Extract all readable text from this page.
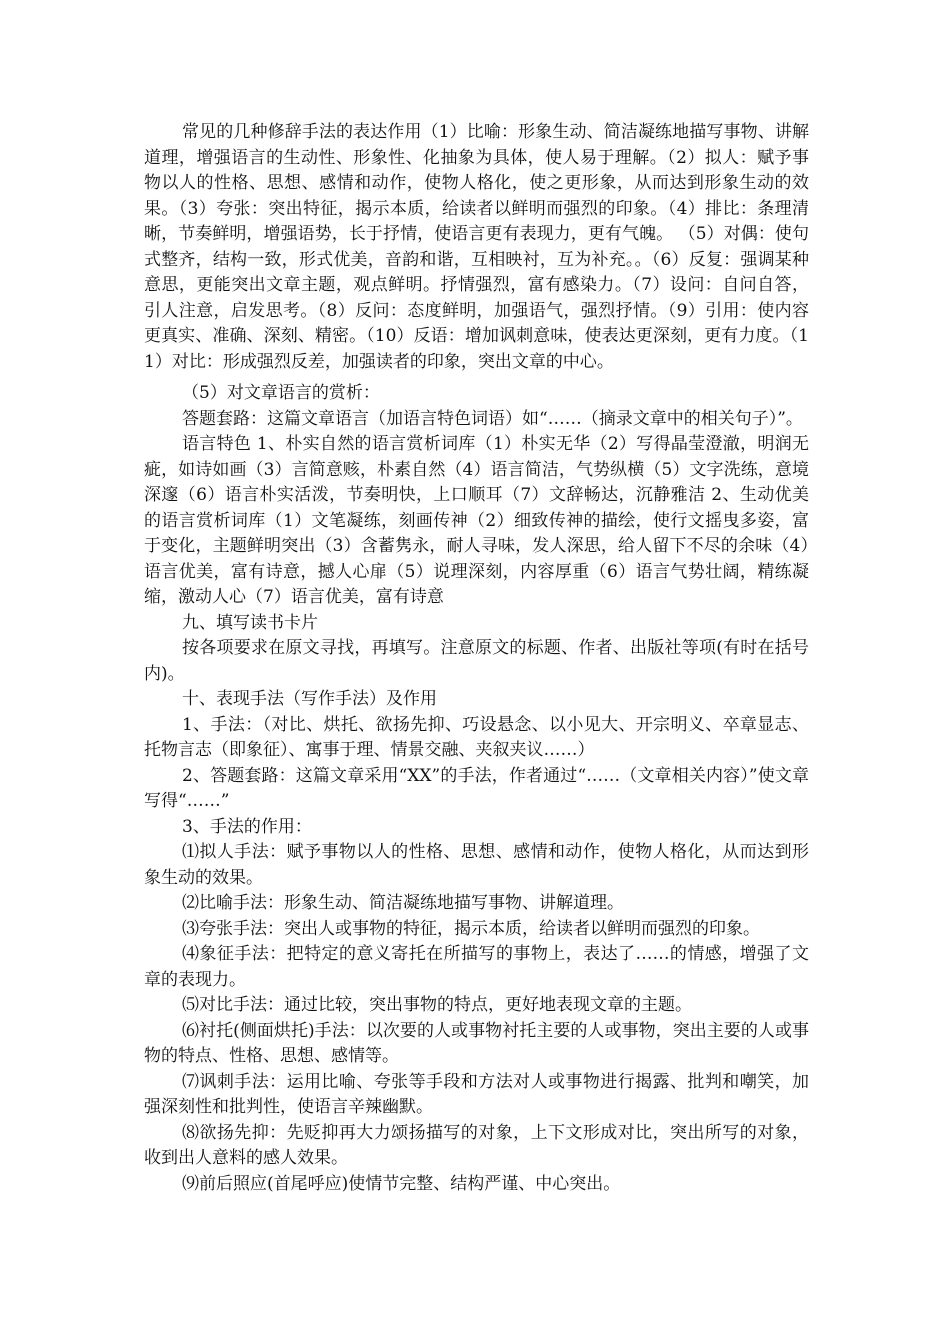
常见的几种修辞手法的表达作用（1）比喻：形象生动、简洁凝练地描写事物、讲解道理，增强语言的生动性、形象性、化抽象为具体，使人易于理解。（2）拟人：赋予事物以人的性格、思想、感情和动作，使物人格化，使之更形象，从而达到形象生动的效果。（3）夸张：突出特征，揭示本质，给读者以鲜明而强烈的印象。（4）排比：条理清晰，节奏鲜明，增强语势，长于抒情，使语言更有表现力，更有气魄。 （5）对偶：使句式整齐，结构一致，形式优美，音韵和谐，互相映衬，互为补充。。（6）反复：强调某种意思，更能突出文章主题，观点鲜明。抒情强烈，富有感染力。（7）设问：自问自答，引人注意，启发思考。（8）反问：态度鲜明，加强语气，强烈抒情。（9）引用：使内容更真实、准确、深刻、精密。（10）反语：增加讽刺意味，使表达更深刻，更有力度。（11）对比：形成强烈反差，加强读者的印象，突出文章的中心。

（5）对文章语言的赏析：

答题套路：这篇文章语言（加语言特色词语）如“……（摘录文章中的相关句子）”。

语言特色 1、朴实自然的语言赏析词库（1）朴实无华（2）写得晶莹澄澈，明润无疵，如诗如画（3）言简意赅，朴素自然（4）语言简洁，气势纵横（5）文字洗练，意境深邃（6）语言朴实活泼，节奏明快，上口顺耳（7）文辞畅达，沉静雅洁 2、生动优美的语言赏析词库（1）文笔凝练，刻画传神（2）细致传神的描绘，使行文摇曳多姿，富于变化，主题鲜明突出（3）含蓄隽永，耐人寻味，发人深思，给人留下不尽的余味（4）语言优美，富有诗意，撼人心扉（5）说理深刻，内容厚重（6）语言气势壮阔，精练凝缩，激动人心（7）语言优美，富有诗意

九、填写读书卡片

按各项要求在原文寻找，再填写。注意原文的标题、作者、出版社等项(有时在括号内)。

十、表现手法（写作手法）及作用

1、手法：（对比、烘托、欲扬先抑、巧设悬念、以小见大、开宗明义、卒章显志、托物言志（即象征）、寓事于理、情景交融、夹叙夹议……）

2、答题套路：这篇文章采用“XX”的手法，作者通过“……（文章相关内容）”使文章写得“……”

3、手法的作用：

⑴拟人手法：赋予事物以人的性格、思想、感情和动作，使物人格化，从而达到形象生动的效果。

⑵比喻手法：形象生动、简洁凝练地描写事物、讲解道理。

⑶夸张手法：突出人或事物的特征，揭示本质，给读者以鲜明而强烈的印象。

⑷象征手法：把特定的意义寄托在所描写的事物上，表达了……的情感，增强了文章的表现力。

⑸对比手法：通过比较，突出事物的特点，更好地表现文章的主题。

⑹衬托(侧面烘托)手法：以次要的人或事物衬托主要的人或事物，突出主要的人或事物的特点、性格、思想、感情等。

⑺讽刺手法：运用比喻、夸张等手段和方法对人或事物进行揭露、批判和嘲笑，加强深刻性和批判性，使语言辛辣幽默。

⑻欲扬先抑：先贬抑再大力颂扬描写的对象，上下文形成对比，突出所写的对象，收到出人意料的感人效果。

⑼前后照应(首尾呼应)使情节完整、结构严谨、中心突出。
